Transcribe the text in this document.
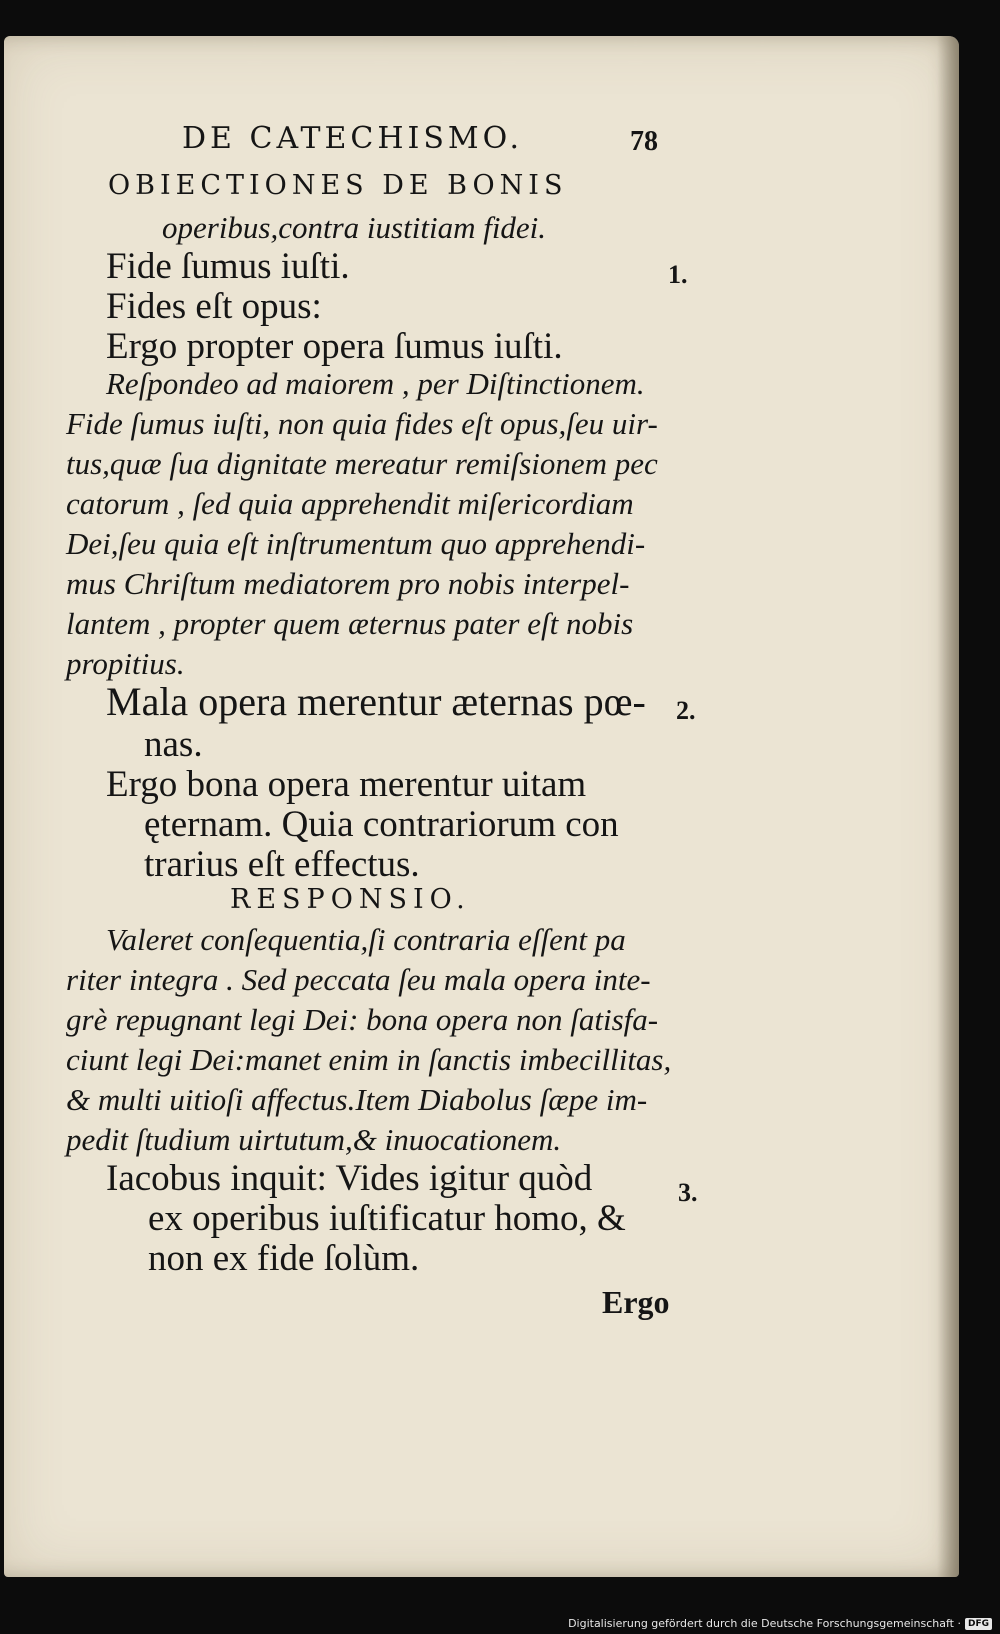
DE CATECHISMO.	78
OBIECTIONES DE BONIS
operibus,contra iustitiam fidei.
Fide ſumus iuſti.	1.
Fides eſt opus:
Ergo propter opera ſumus iuſti.
Reſpondeo ad maiorem , per Diſtinctionem.
Fide ſumus iuſti, non quia fides eſt opus,ſeu uir-
tus,quæ ſua dignitate mereatur remiſsionem pec
catorum , ſed quia apprehendit miſericordiam
Dei,ſeu quia eſt inſtrumentum quo apprehendi-
mus Chriſtum mediatorem pro nobis interpel-
lantem , propter quem æternus pater eſt nobis
propitius.
Mala opera merentur æternas pœ- 2.
nas.
Ergo bona opera merentur uitam
ęternam. Quia contrariorum con
trarius eſt effectus.
RESPONSIO.
Valeret conſequentia,ſi contraria eſſent pa
riter integra . Sed peccata ſeu mala opera inte-
grè repugnant legi Dei: bona opera non ſatisfa-
ciunt legi Dei:manet enim in ſanctis imbecillitas,
& multi uitioſi affectus.Item Diabolus ſæpe im-
pedit ſtudium uirtutum,& inuocationem.
Iacobus inquit: Vides igitur quòd	3.
ex operibus iuſtificatur homo, &
non ex fide ſolùm.
Ergo
Digitalisierung gefördert durch die Deutsche Forschungsgemeinschaft · DFG
